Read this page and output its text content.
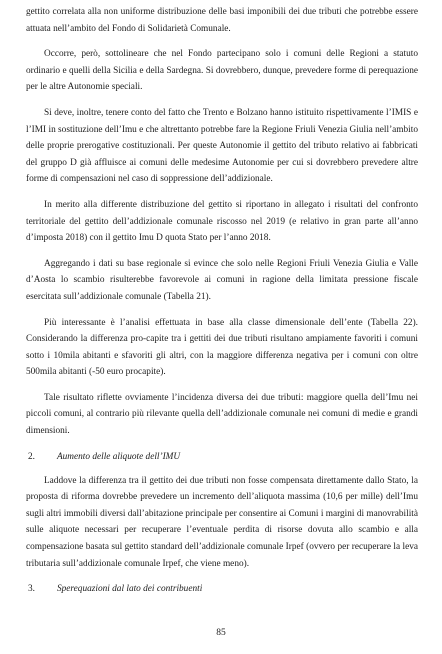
gettito correlata alla non uniforme distribuzione delle basi imponibili dei due tributi che potrebbe essere attuata nell’ambito del Fondo di Solidarietà Comunale.

Occorre, però, sottolineare che nel Fondo partecipano solo i comuni delle Regioni a statuto ordinario e quelli della Sicilia e della Sardegna. Si dovrebbero, dunque, prevedere forme di perequazione per le altre Autonomie speciali.

Si deve, inoltre, tenere conto del fatto che Trento e Bolzano hanno istituito rispettivamente l’IMIS e l’IMI in sostituzione dell’Imu e che altrettanto potrebbe fare la Regione Friuli Venezia Giulia nell’ambito delle proprie prerogative costituzionali. Per queste Autonomie il gettito del tributo relativo ai fabbricati del gruppo D già affluisce ai comuni delle medesime Autonomie per cui si dovrebbero prevedere altre forme di compensazioni nel caso di soppressione dell’addizionale.

In merito alla differente distribuzione del gettito si riportano in allegato i risultati del confronto territoriale del gettito dell’addizionale comunale riscosso nel 2019 (e relativo in gran parte all’anno d’imposta 2018) con il gettito Imu D quota Stato per l’anno 2018.

Aggregando i dati su base regionale si evince che solo nelle Regioni Friuli Venezia Giulia e Valle d’Aosta lo scambio risulterebbe favorevole ai comuni in ragione della limitata pressione fiscale esercitata sull’addizionale comunale (Tabella 21).

Più interessante è l’analisi effettuata in base alla classe dimensionale dell’ente (Tabella 22). Considerando la differenza pro-capite tra i gettiti dei due tributi risultano ampiamente favoriti i comuni sotto i 10mila abitanti e sfavoriti gli altri, con la maggiore differenza negativa per i comuni con oltre 500mila abitanti (-50 euro procapite).

Tale risultato riflette ovviamente l’incidenza diversa dei due tributi: maggiore quella dell’Imu nei piccoli comuni, al contrario più rilevante quella dell’addizionale comunale nei comuni di medie e grandi dimensioni.

2. Aumento delle aliquote dell’IMU

Laddove la differenza tra il gettito dei due tributi non fosse compensata direttamente dallo Stato, la proposta di riforma dovrebbe prevedere un incremento dell’aliquota massima (10,6 per mille) dell’Imu sugli altri immobili diversi dall’abitazione principale per consentire ai Comuni i margini di manovrabilità sulle aliquote necessari per recuperare l’eventuale perdita di risorse dovuta allo scambio e alla compensazione basata sul gettito standard dell’addizionale comunale Irpef (ovvero per recuperare la leva tributaria sull’addizionale comunale Irpef, che viene meno).

3. Sperequazioni dal lato dei contribuenti
85
